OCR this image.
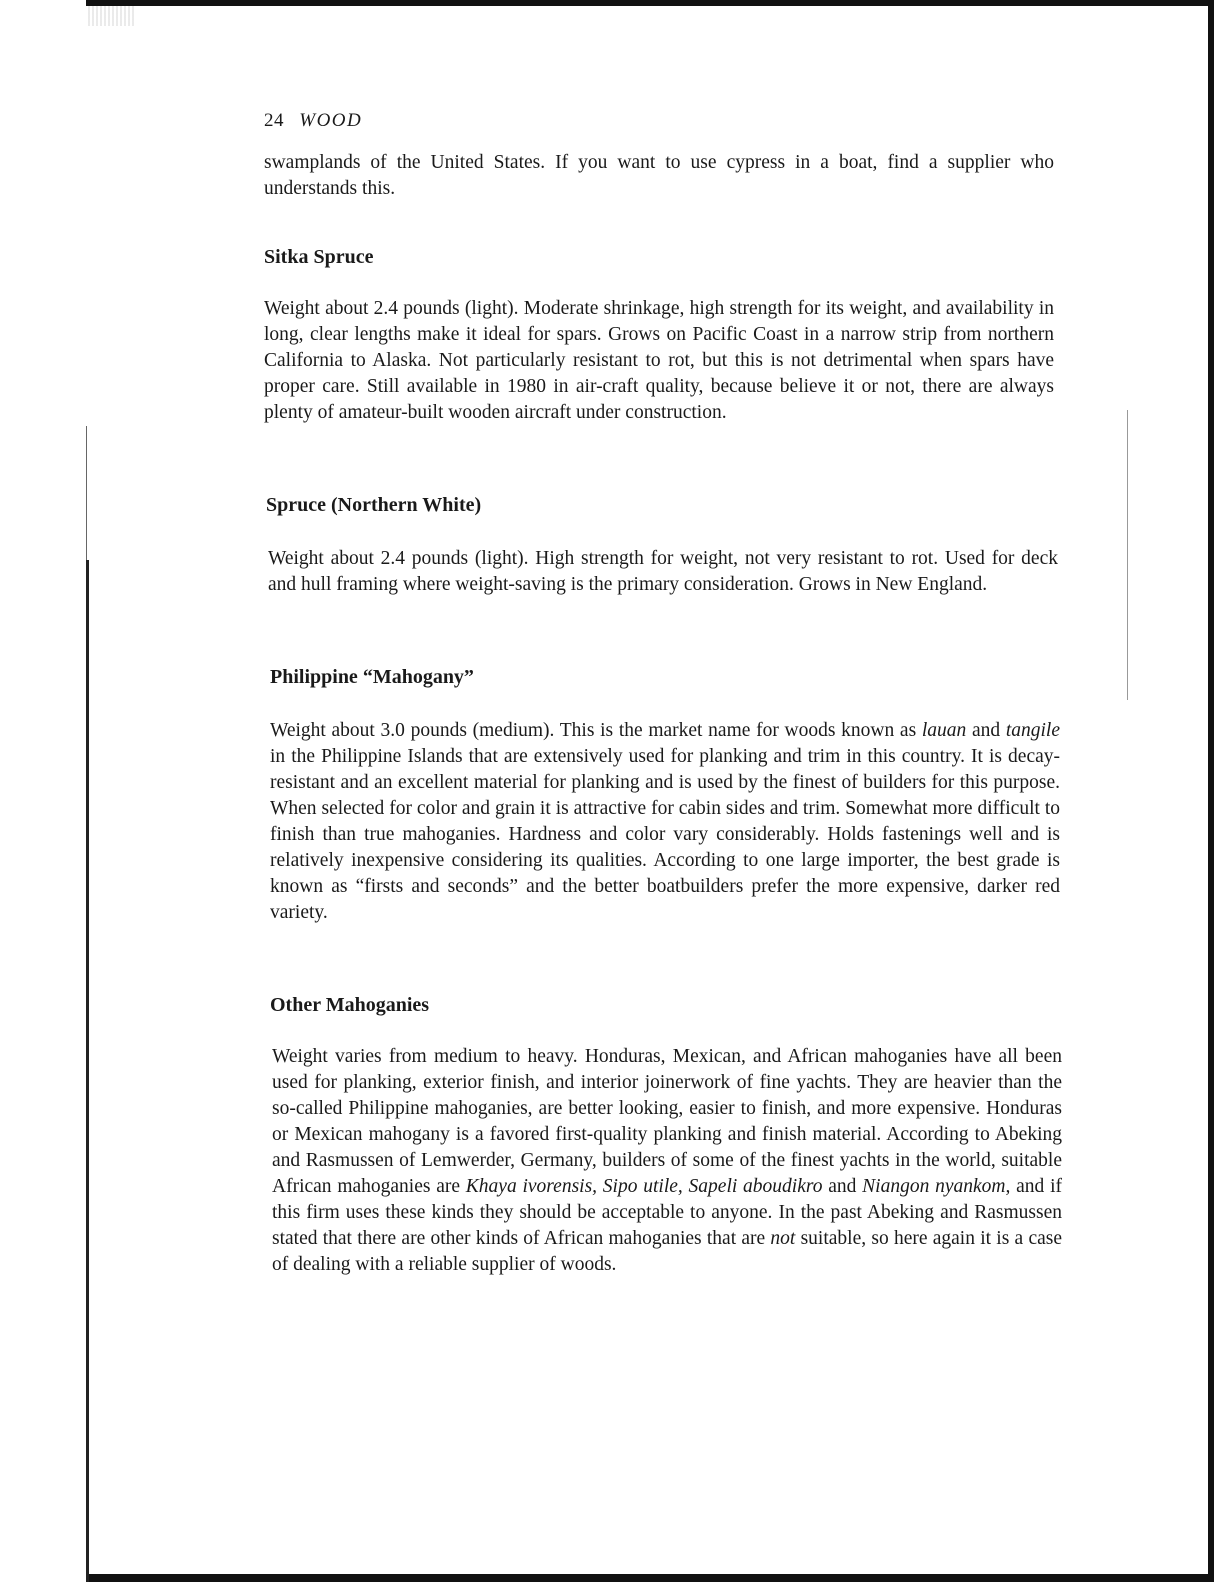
24 WOOD
swamplands of the United States. If you want to use cypress in a boat, find a supplier who understands this.
Sitka Spruce
Weight about 2.4 pounds (light). Moderate shrinkage, high strength for its weight, and availability in long, clear lengths make it ideal for spars. Grows on Pacific Coast in a narrow strip from northern California to Alaska. Not particularly resistant to rot, but this is not detrimental when spars have proper care. Still available in 1980 in air-craft quality, because believe it or not, there are always plenty of amateur-built wooden aircraft under construction.
Spruce (Northern White)
Weight about 2.4 pounds (light). High strength for weight, not very resistant to rot. Used for deck and hull framing where weight-saving is the primary consideration. Grows in New England.
Philippine “Mahogany”
Weight about 3.0 pounds (medium). This is the market name for woods known as lauan and tangile in the Philippine Islands that are extensively used for planking and trim in this country. It is decay-resistant and an excellent material for planking and is used by the finest of builders for this purpose. When selected for color and grain it is attractive for cabin sides and trim. Somewhat more difficult to finish than true mahoganies. Hardness and color vary considerably. Holds fastenings well and is relatively inexpensive considering its qualities. According to one large importer, the best grade is known as “firsts and seconds” and the better boatbuilders prefer the more expensive, darker red variety.
Other Mahoganies
Weight varies from medium to heavy. Honduras, Mexican, and African mahoganies have all been used for planking, exterior finish, and interior joinerwork of fine yachts. They are heavier than the so-called Philippine mahoganies, are better looking, easier to finish, and more expensive. Honduras or Mexican mahogany is a favored first-quality planking and finish material. According to Abeking and Rasmussen of Lemwerder, Germany, builders of some of the finest yachts in the world, suitable African mahoganies are Khaya ivorensis, Sipo utile, Sapeli aboudikro and Niangon nyankom, and if this firm uses these kinds they should be acceptable to anyone. In the past Abeking and Rasmussen stated that there are other kinds of African mahoganies that are not suitable, so here again it is a case of dealing with a reliable supplier of woods.
